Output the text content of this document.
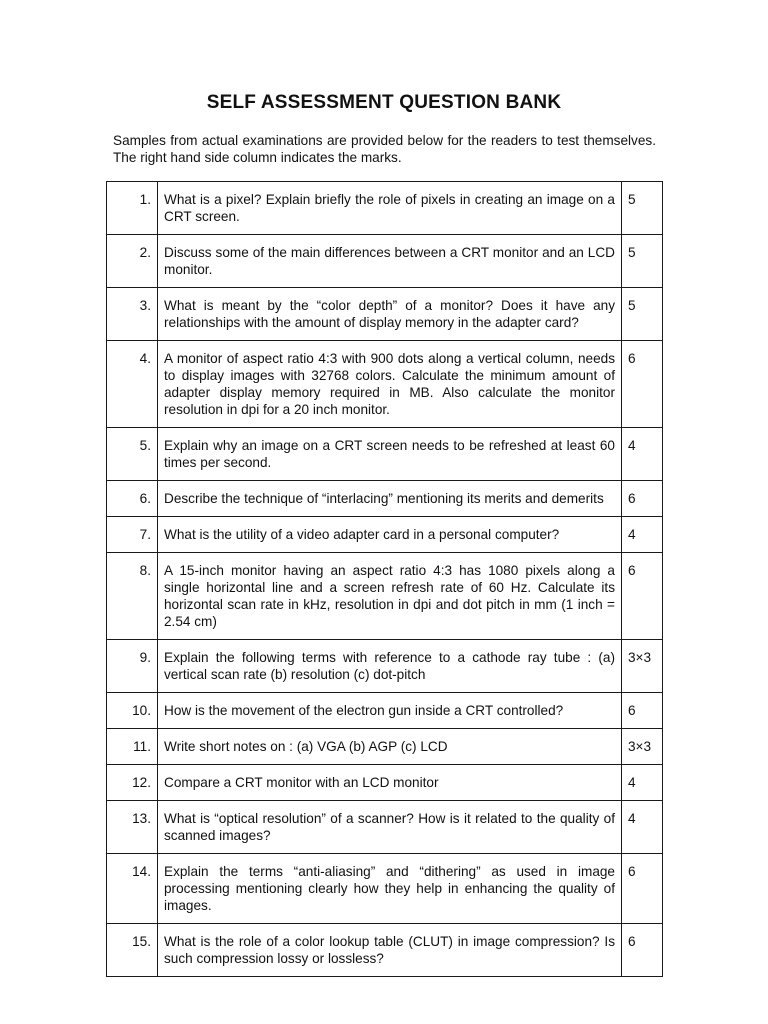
SELF ASSESSMENT QUESTION BANK
Samples from actual examinations are provided below for the readers to test themselves. The right hand side column indicates the marks.
1.	What is a pixel? Explain briefly the role of pixels in creating an image on a CRT screen.	5
2.	Discuss some of the main differences between a CRT monitor and an LCD monitor.	5
3.	What is meant by the “color depth” of a monitor? Does it have any relationships with the amount of display memory in the adapter card?	5
4.	A monitor of aspect ratio 4:3 with 900 dots along a vertical column, needs to display images with 32768 colors. Calculate the minimum amount of adapter display memory required in MB. Also calculate the monitor resolution in dpi for a 20 inch monitor.	6
5.	Explain why an image on a CRT screen needs to be refreshed at least 60 times per second.	4
6.	Describe the technique of “interlacing” mentioning its merits and demerits	6
7.	What is the utility of a video adapter card in a personal computer?	4
8.	A 15-inch monitor having an aspect ratio 4:3 has 1080 pixels along a single horizontal line and a screen refresh rate of 60 Hz. Calculate its horizontal scan rate in kHz, resolution in dpi and dot pitch in mm (1 inch = 2.54 cm)	6
9.	Explain the following terms with reference to a cathode ray tube : (a) vertical scan rate (b) resolution (c) dot-pitch	3×3
10.	How is the movement of the electron gun inside a CRT controlled?	6
11.	Write short notes on : (a) VGA (b) AGP (c) LCD	3×3
12.	Compare a CRT monitor with an LCD monitor	4
13.	What is “optical resolution” of a scanner? How is it related to the quality of scanned images?	4
14.	Explain the terms “anti-aliasing” and “dithering” as used in image processing mentioning clearly how they help in enhancing the quality of images.	6
15.	What is the role of a color lookup table (CLUT) in image compression? Is such compression lossy or lossless?	6
